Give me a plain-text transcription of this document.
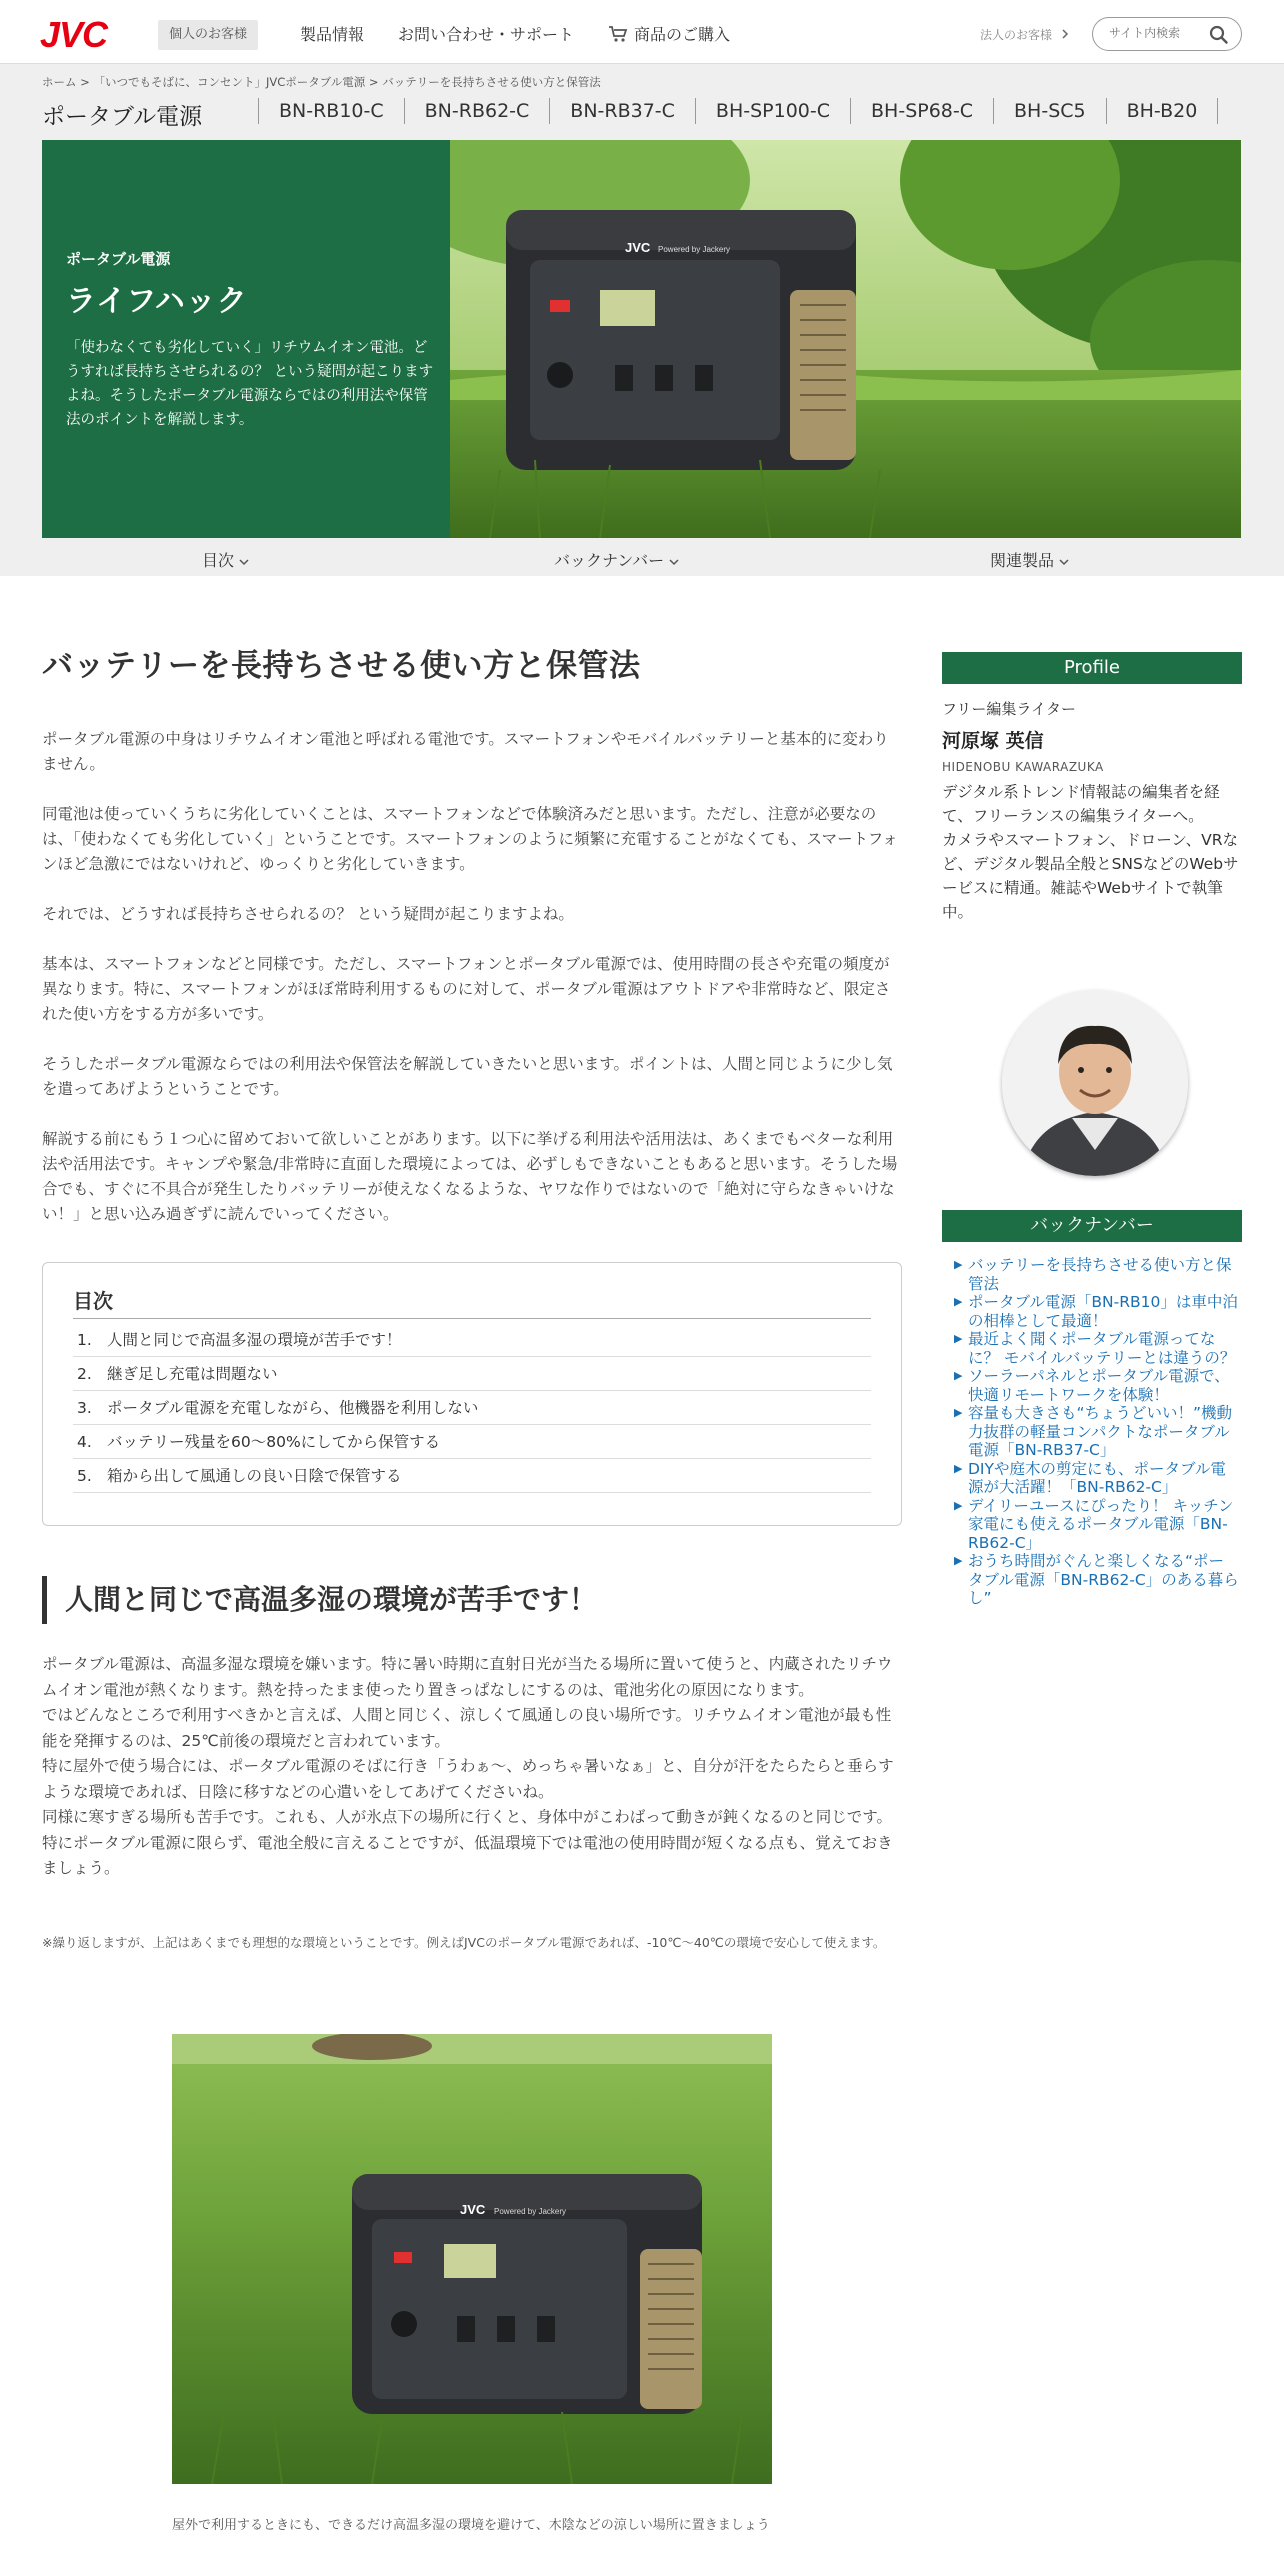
JVC	個人のお客様	製品情報 お問い合わせ・サポート	商品のご購入	法人のお客様
サイト内検索
ホーム > 「いつでもそばに、コンセント」JVCポータブル電源 > バッテリーを長持ちさせる使い方と保管法
ポータブル電源	BN-RB10-C	BN-RB62-C	BN-RB37-C	BH-SP100-C	BH-SP68-C	BH-SC5	BH-B20
ポータブル電源
ライフハック
「使わなくても劣化していく」リチウムイオン電池。どうすれば長持ちさせられるの？ という疑問が起こりますよね。そうしたポータブル電源ならではの利用法や保管法のポイントを解説します。
JVC Powered by Jackery
目次	バックナンバー	関連製品
バッテリーを長持ちさせる使い方と保管法

ポータブル電源の中身はリチウムイオン電池と呼ばれる電池です。スマートフォンやモバイルバッテリーと基本的に変わりません。

同電池は使っていくうちに劣化していくことは、スマートフォンなどで体験済みだと思います。ただし、注意が必要なのは、「使わなくても劣化していく」ということです。スマートフォンのように頻繁に充電することがなくても、スマートフォンほど急激にではないけれど、ゆっくりと劣化していきます。

それでは、どうすれば長持ちさせられるの？ という疑問が起こりますよね。

基本は、スマートフォンなどと同様です。ただし、スマートフォンとポータブル電源では、使用時間の長さや充電の頻度が異なります。特に、スマートフォンがほぼ常時利用するものに対して、ポータブル電源はアウトドアや非常時など、限定された使い方をする方が多いです。

そうしたポータブル電源ならではの利用法や保管法を解説していきたいと思います。ポイントは、人間と同じように少し気を遣ってあげようということです。

解説する前にもう１つ心に留めておいて欲しいことがあります。以下に挙げる利用法や活用法は、あくまでもベターな利用法や活用法です。キャンプや緊急/非常時に直面した環境によっては、必ずしもできないこともあると思います。そうした場合でも、すぐに不具合が発生したりバッテリーが使えなくなるような、ヤワな作りではないので「絶対に守らなきゃいけない！」と思い込み過ぎずに読んでいってください。

目次
1. 人間と同じで高温多湿の環境が苦手です！
2. 継ぎ足し充電は問題ない
3. ポータブル電源を充電しながら、他機器を利用しない
4. バッテリー残量を60〜80%にしてから保管する
5. 箱から出して風通しの良い日陰で保管する
人間と同じで高温多湿の環境が苦手です！

ポータブル電源は、高温多湿な環境を嫌います。特に暑い時期に直射日光が当たる場所に置いて使うと、内蔵されたリチウムイオン電池が熱くなります。熱を持ったまま使ったり置きっぱなしにするのは、電池劣化の原因になります。

ではどんなところで利用すべきかと言えば、人間と同じく、涼しくて風通しの良い場所です。リチウムイオン電池が最も性能を発揮するのは、25℃前後の環境だと言われています。

特に屋外で使う場合には、ポータブル電源のそばに行き「うわぁ〜、めっちゃ暑いなぁ」と、自分が汗をたらたらと垂らすような環境であれば、日陰に移すなどの心遣いをしてあげてくださいね。

同様に寒すぎる場所も苦手です。これも、人が氷点下の場所に行くと、身体中がこわばって動きが鈍くなるのと同じです。特にポータブル電源に限らず、電池全般に言えることですが、低温環境下では電池の使用時間が短くなる点も、覚えておきましょう。

※繰り返しますが、上記はあくまでも理想的な環境ということです。例えばJVCのポータブル電源であれば、-10℃〜40℃の環境で安心して使えます。

JVC Powered by Jackery
屋外で利用するときにも、できるだけ高温多湿の環境を避けて、木陰などの涼しい場所に置きましょう
Profile
フリー編集ライター
河原塚 英信
HIDENOBU KAWARAZUKA

デジタル系トレンド情報誌の編集者を経て、フリーランスの編集ライターへ。

カメラやスマートフォン、ドローン、VRなど、デジタル製品全般とSNSなどのWebサービスに精通。雑誌やWebサイトで執筆中。

バックナンバー
▶ バッテリーを長持ちさせる使い方と保管法
▶ ポータブル電源「BN-RB10」は車中泊の相棒として最適！
▶ 最近よく聞くポータブル電源ってなに？ モバイルバッテリーとは違うの？
▶ ソーラーパネルとポータブル電源で、快適リモートワークを体験！
▶ 容量も大きさも“ちょうどいい！”機動力抜群の軽量コンパクトなポータブル電源「BN-RB37-C」
▶ DIYや庭木の剪定にも、ポータブル電源が大活躍！「BN-RB62-C」
▶ デイリーユースにぴったり！ キッチン家電にも使えるポータブル電源「BN-RB62-C」
▶ おうち時間がぐんと楽しくなる“ポータブル電源「BN-RB62-C」のある暮らし”
